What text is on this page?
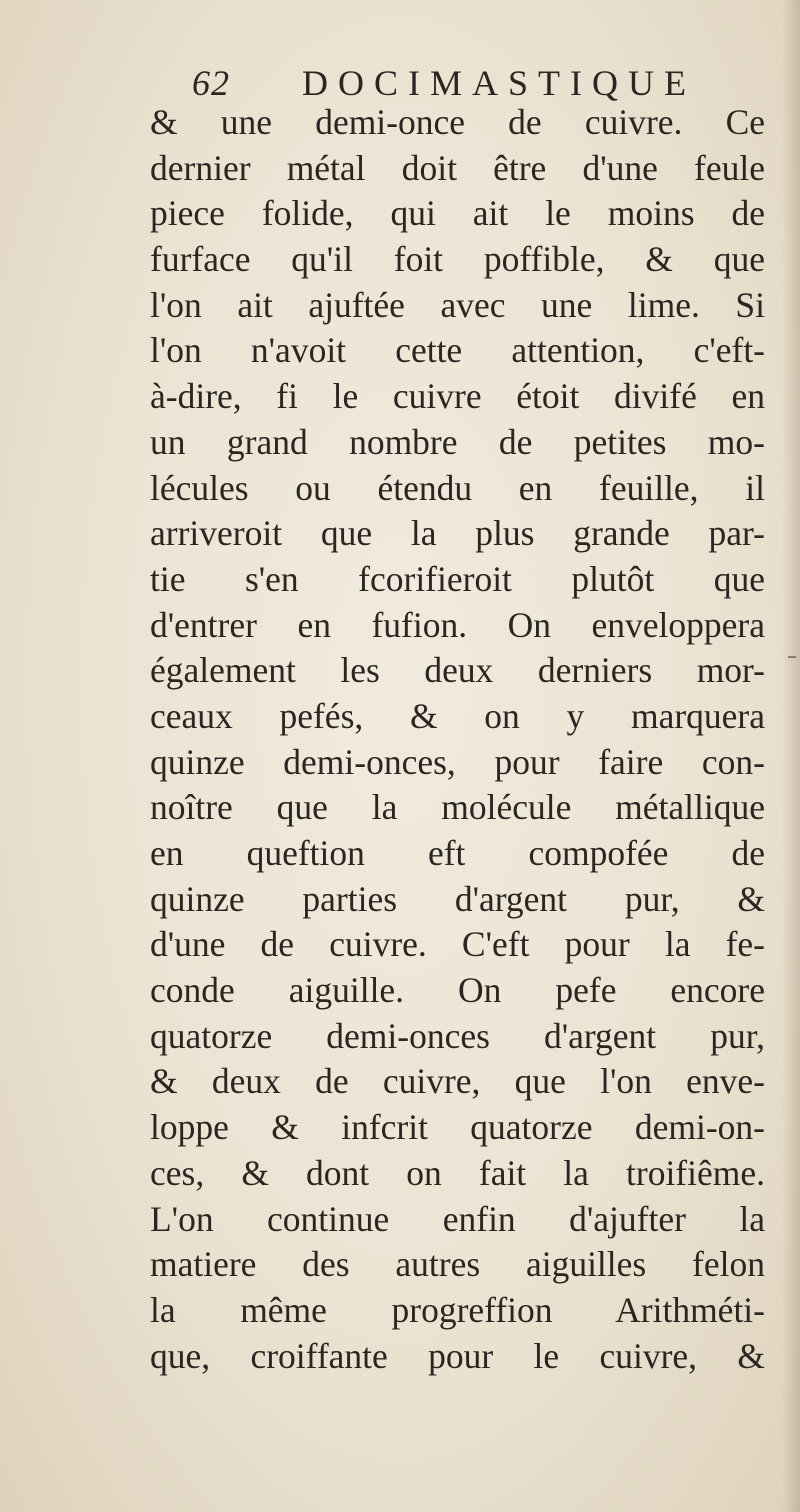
62 DOCIMASTIQUE
& une demi-once de cuivre. Ce
dernier métal doit être d'une feule
piece folide, qui ait le moins de
furface qu'il foit poffible, & que
l'on ait ajuftée avec une lime. Si
l'on n'avoit cette attention, c'eft-
à-dire, fi le cuivre étoit divifé en
un grand nombre de petites mo-
lécules ou étendu en feuille, il
arriveroit que la plus grande par-
tie s'en fcorifieroit plutôt que
d'entrer en fufion. On enveloppera
également les deux derniers mor-
ceaux pefés, & on y marquera
quinze demi-onces, pour faire con-
noître que la molécule métallique
en queftion eft compofée de
quinze parties d'argent pur, &
d'une de cuivre. C'eft pour la fe-
conde aiguille. On pefe encore
quatorze demi-onces d'argent pur,
& deux de cuivre, que l'on enve-
loppe & infcrit quatorze demi-on-
ces, & dont on fait la troifiême.
L'on continue enfin d'ajufter la
matiere des autres aiguilles felon
la même progreffion Arithméti-
que, croiffante pour le cuivre, &
